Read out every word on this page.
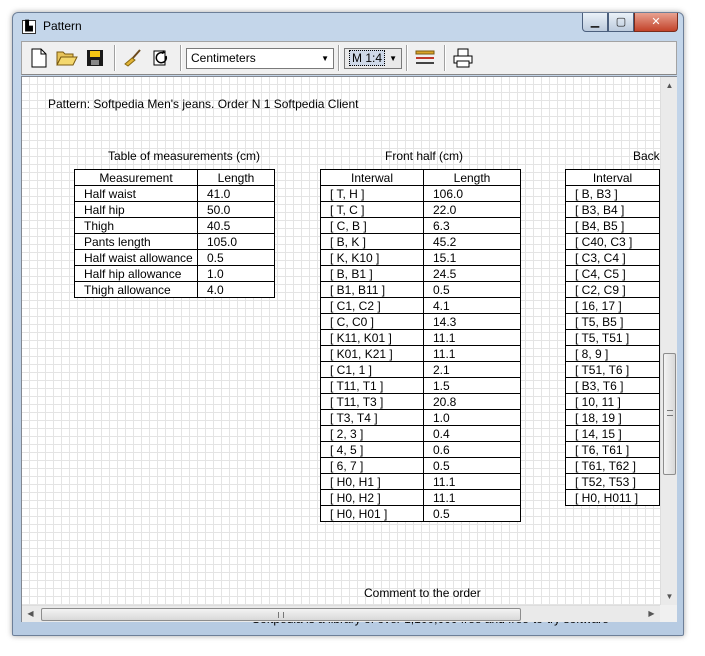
▙ Pattern	▁	▢	✕
Centimeters	▼ M 1:4 ▼
Pattern: Softpedia Men's jeans. Order N 1 Softpedia Client
Table of measurements (cm)
Measurement	Length
Half waist	41.0
Half hip	50.0
Thigh	40.5
Pants length	105.0
Half waist allowance	0.5
Half hip allowance	1.0
Thigh allowance	4.0
Front half (cm)
Interwal	Length
[ T, H ]	106.0
[ T, C ]	22.0
[ C, B ]	6.3
[ B, K ]	45.2
[ K, K10 ]	15.1
[ B, B1 ]	24.5
[ B1, B11 ]	0.5
[ C1, C2 ]	4.1
[ C, C0 ]	14.3
[ K11, K01 ]	11.1
[ K01, K21 ]	11.1
[ C1, 1 ]	2.1
[ T11, T1 ]	1.5
[ T11, T3 ]	20.8
[ T3, T4 ]	1.0
[ 2, 3 ]	0.4
[ 4, 5 ]	0.6
[ 6, 7 ]	0.5
[ H0, H1 ]	11.1
[ H0, H2 ]	11.1
[ H0, H01 ]	0.5
Back
Interval
[ B, B3 ]
[ B3, B4 ]
[ B4, B5 ]
[ C40, C3 ]
[ C3, C4 ]
[ C4, C5 ]
[ C2, C9 ]
[ 16, 17 ]
[ T5, B5 ]
[ T5, T51 ]
[ 8, 9 ]
[ T51, T6 ]
[ B3, T6 ]
[ 10, 11 ]
[ 18, 19 ]
[ 14, 15 ]
[ T6, T61 ]
[ T61, T62 ]
[ T52, T53 ]
[ H0, H011 ]
Comment to the order
▲
▼
◀	▶
